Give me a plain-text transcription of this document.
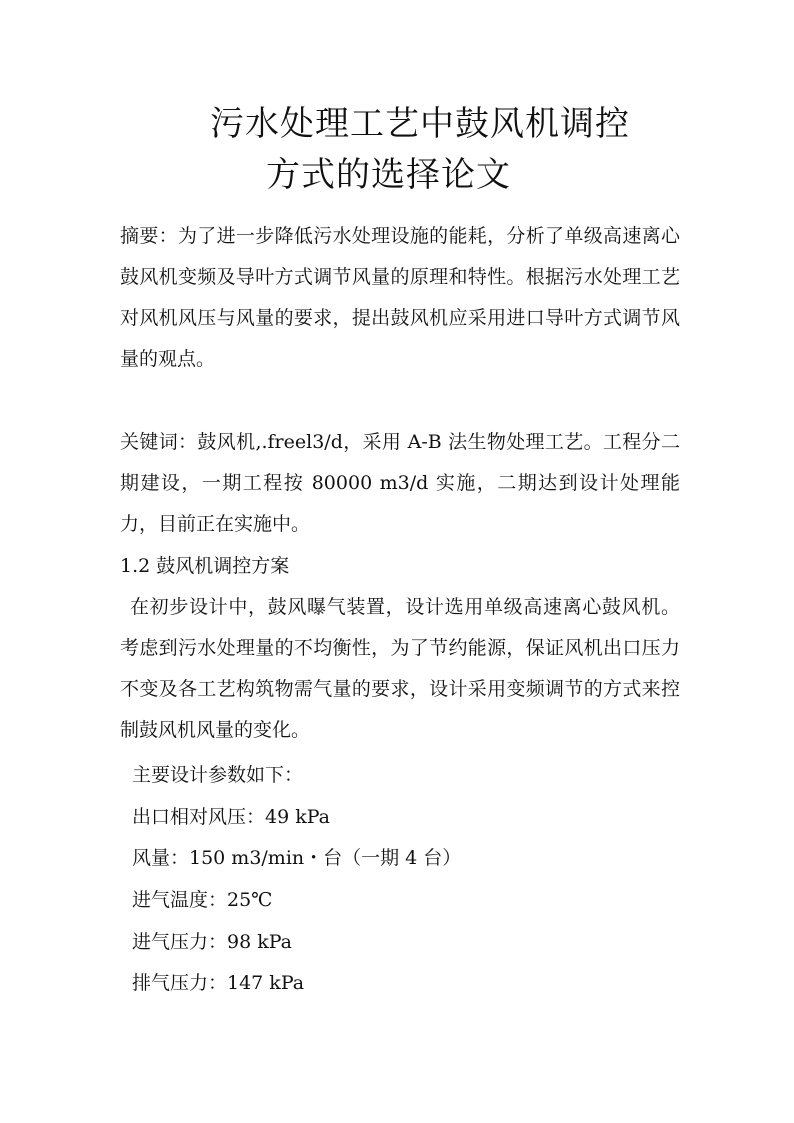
污水处理工艺中鼓风机调控
方式的选择论文
摘要：为了进一步降低污水处理设施的能耗，分析了单级高速离心鼓风机变频及导叶方式调节风量的原理和特性。根据污水处理工艺对风机风压与风量的要求，提出鼓风机应采用进口导叶方式调节风量的观点。
关键词：鼓风机,.freel3/d，采用 A-B 法生物处理工艺。工程分二期建设，一期工程按 80000 m3/d 实施，二期达到设计处理能力，目前正在实施中。
1.2 鼓风机调控方案
在初步设计中，鼓风曝气装置，设计选用单级高速离心鼓风机。考虑到污水处理量的不均衡性，为了节约能源，保证风机出口压力不变及各工艺构筑物需气量的要求，设计采用变频调节的方式来控制鼓风机风量的变化。
主要设计参数如下：
出口相对风压：49 kPa
风量：150 m3/min・台（一期 4 台）
进气温度：25℃
进气压力：98 kPa
排气压力：147 kPa
